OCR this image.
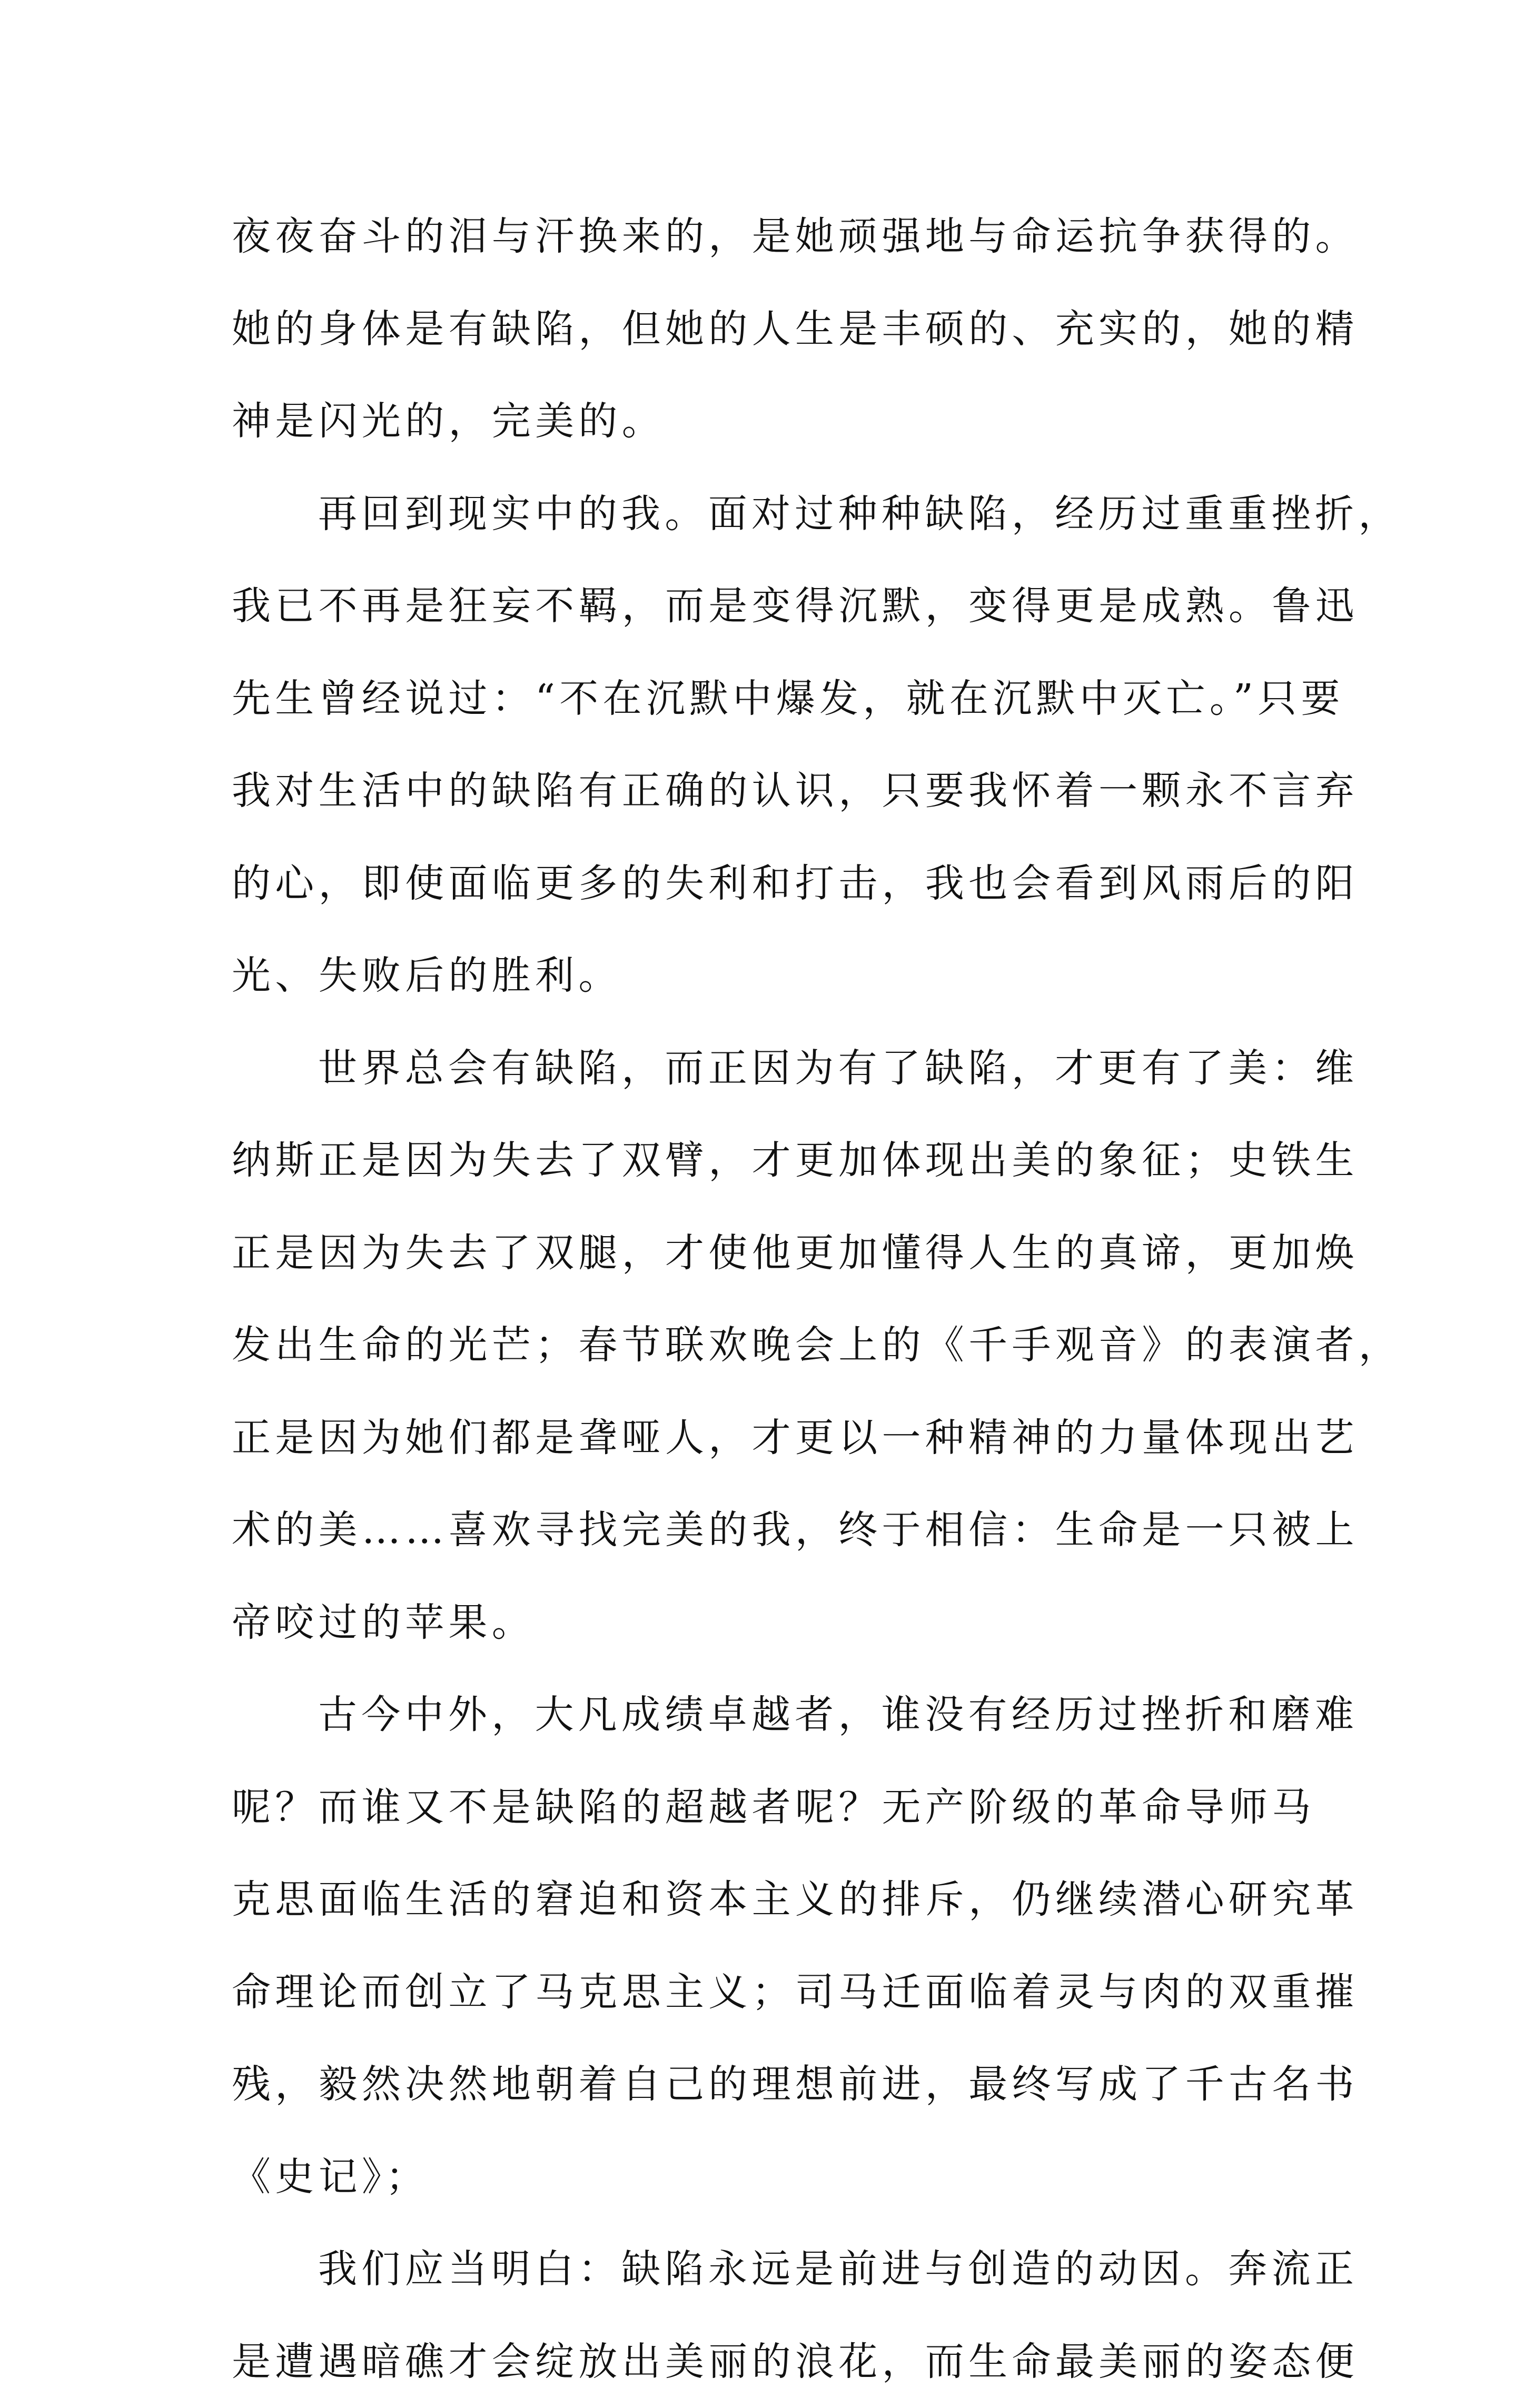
夜夜奋斗的泪与汗换来的，是她顽强地与命运抗争获得的。

她的身体是有缺陷，但她的人生是丰硕的、充实的，她的精

神是闪光的，完美的。

再回到现实中的我。面对过种种缺陷，经历过重重挫折，

我已不再是狂妄不羁，而是变得沉默，变得更是成熟。鲁迅

先生曾经说过：“不在沉默中爆发，就在沉默中灭亡。”只要

我对生活中的缺陷有正确的认识，只要我怀着一颗永不言弃

的心，即使面临更多的失利和打击，我也会看到风雨后的阳

光、失败后的胜利。

世界总会有缺陷，而正因为有了缺陷，才更有了美：维

纳斯正是因为失去了双臂，才更加体现出美的象征；史铁生

正是因为失去了双腿，才使他更加懂得人生的真谛，更加焕

发出生命的光芒；春节联欢晚会上的《千手观音》的表演者，

正是因为她们都是聋哑人，才更以一种精神的力量体现出艺

术的美……喜欢寻找完美的我，终于相信：生命是一只被上

帝咬过的苹果。

古今中外，大凡成绩卓越者，谁没有经历过挫折和磨难

呢？而谁又不是缺陷的超越者呢？无产阶级的革命导师马

克思面临生活的窘迫和资本主义的排斥，仍继续潜心研究革

命理论而创立了马克思主义；司马迁面临着灵与肉的双重摧

残，毅然决然地朝着自己的理想前进，最终写成了千古名书

《史记》；

我们应当明白：缺陷永远是前进与创造的动因。奔流正

是遭遇暗礁才会绽放出美丽的浪花，而生命最美丽的姿态便
